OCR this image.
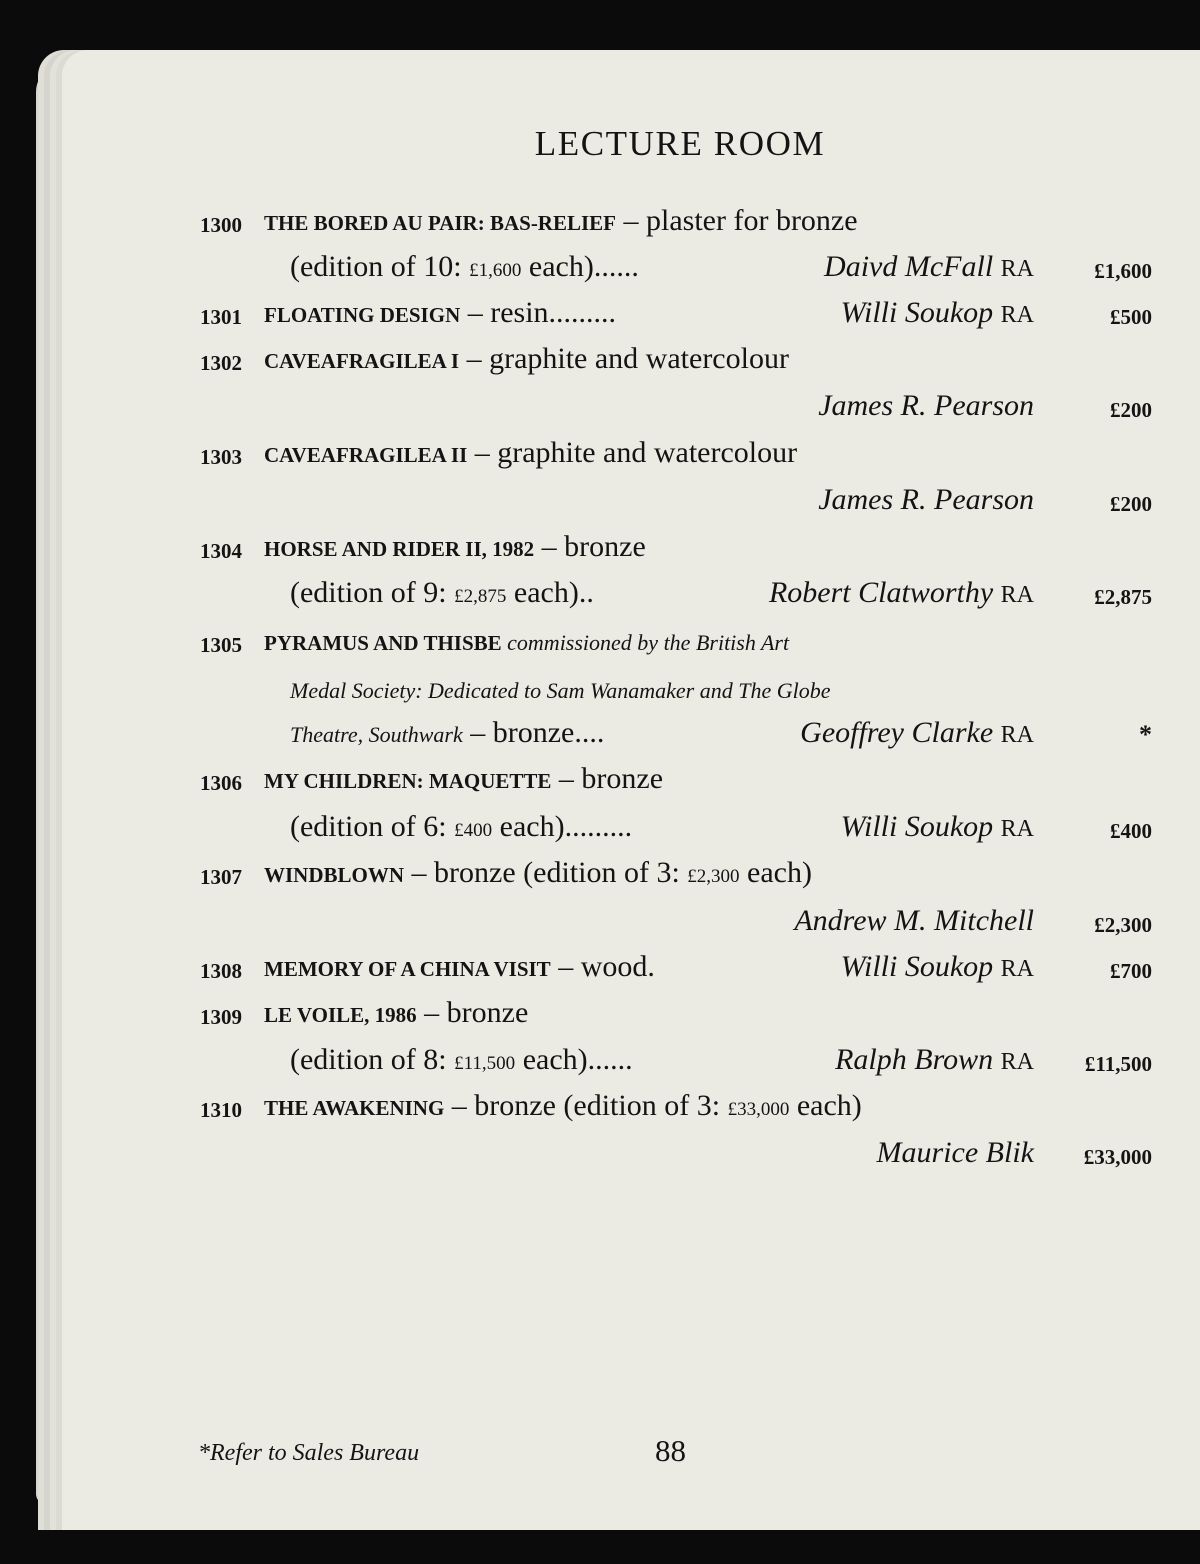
LECTURE ROOM
1300 THE BORED AU PAIR: BAS-RELIEF – plaster for bronze
(edition of 10: £1,600 each)......	Daivd McFall RA	£1,600
1301 FLOATING DESIGN – resin.........	Willi Soukop RA	£500
1302 CAVEAFRAGILEA I – graphite and watercolour
James R. Pearson	£200
1303 CAVEAFRAGILEA II – graphite and watercolour
James R. Pearson	£200
1304 HORSE AND RIDER II, 1982 – bronze
(edition of 9: £2,875 each)..	Robert Clatworthy RA	£2,875
1305 PYRAMUS AND THISBE commissioned by the British Art
Medal Society: Dedicated to Sam Wanamaker and The Globe
Theatre, Southwark – bronze....	Geoffrey Clarke RA	*
1306 MY CHILDREN: MAQUETTE – bronze
(edition of 6: £400 each).........	Willi Soukop RA	£400
1307 WINDBLOWN – bronze (edition of 3: £2,300 each)
Andrew M. Mitchell	£2,300
1308 MEMORY OF A CHINA VISIT – wood.	Willi Soukop RA	£700
1309 LE VOILE, 1986 – bronze
(edition of 8: £11,500 each)......	Ralph Brown RA £11,500
1310 THE AWAKENING – bronze (edition of 3: £33,000 each)
Maurice Blik £33,000
*Refer to Sales Bureau	88
